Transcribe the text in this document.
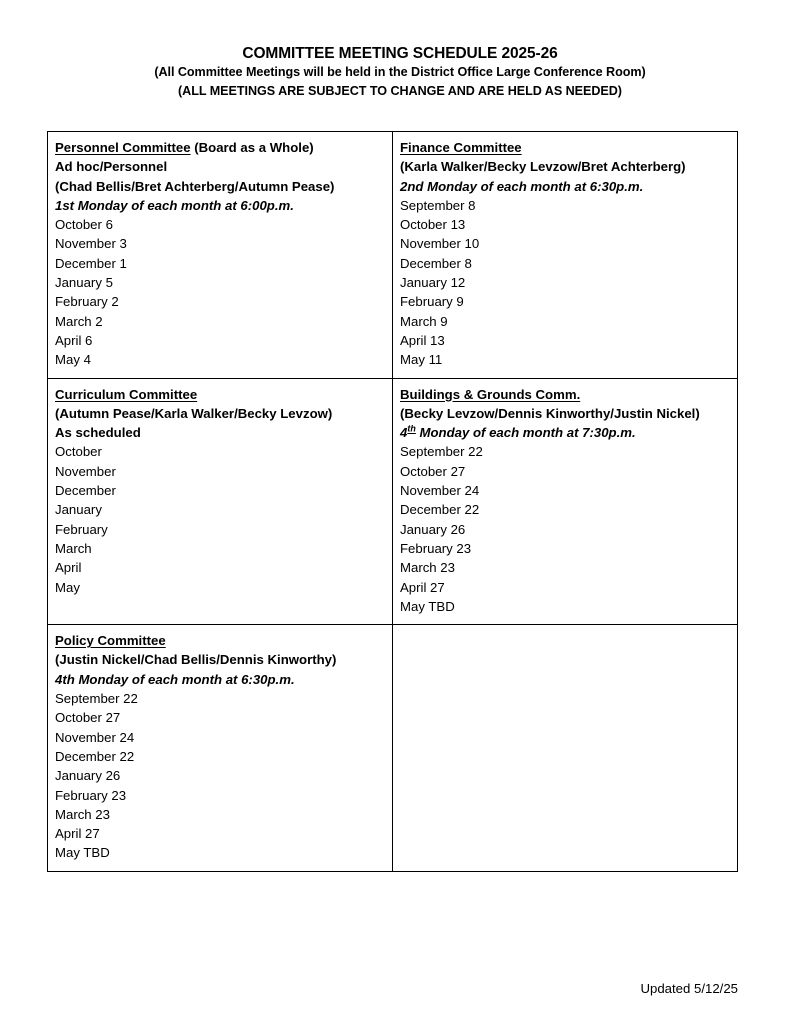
COMMITTEE MEETING SCHEDULE 2025-26
(All Committee Meetings will be held in the District Office Large Conference Room)
(ALL MEETINGS ARE SUBJECT TO CHANGE AND ARE HELD AS NEEDED)
Personnel Committee (Board as a Whole)
Ad hoc/Personnel
(Chad Bellis/Bret Achterberg/Autumn Pease)
1st Monday of each month at 6:00p.m.
October 6
November 3
December 1
January 5
February 2
March 2
April 6
May 4

Finance Committee
(Karla Walker/Becky Levzow/Bret Achterberg)
2nd Monday of each month at 6:30p.m.
September 8
October 13
November 10
December 8
January 12
February 9
March 9
April 13
May 11

Curriculum Committee
(Autumn Pease/Karla Walker/Becky Levzow)
As scheduled
October
November
December
January
February
March
April
May

Buildings & Grounds Comm.
(Becky Levzow/Dennis Kinworthy/Justin Nickel)
4th Monday of each month at 7:30p.m.
September 22
October 27
November 24
December 22
January 26
February 23
March 23
April 27
May TBD

Policy Committee
(Justin Nickel/Chad Bellis/Dennis Kinworthy)
4th Monday of each month at 6:30p.m.
September 22
October 27
November 24
December 22
January 26
February 23
March 23
April 27
May TBD

Updated 5/12/25
